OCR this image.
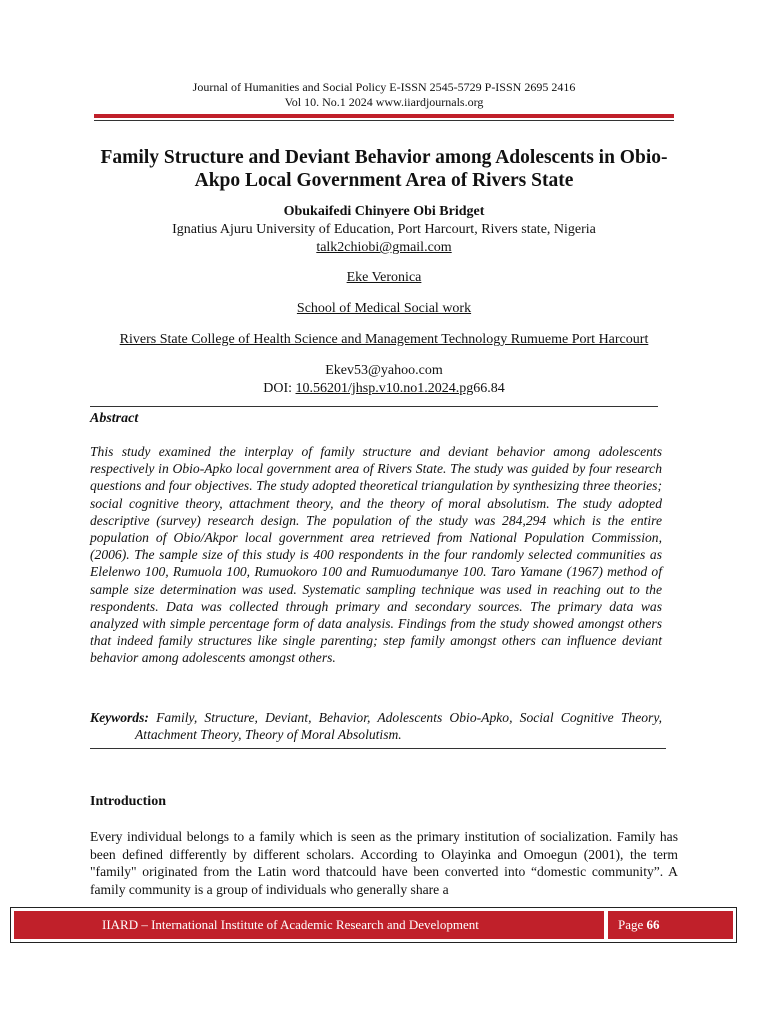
Journal of Humanities and Social Policy E-ISSN 2545-5729 P-ISSN 2695 2416
Vol 10. No.1 2024 www.iiardjournals.org
Family Structure and Deviant Behavior among Adolescents in Obio-Akpo Local Government Area of Rivers State
Obukaifedi Chinyere Obi Bridget
Ignatius Ajuru University of Education, Port Harcourt, Rivers state, Nigeria
talk2chiobi@gmail.com
Eke Veronica
School of Medical Social work
Rivers State College of Health Science and Management Technology Rumueme Port Harcourt
Ekev53@yahoo.com
DOI: 10.56201/jhsp.v10.no1.2024.pg66.84
Abstract
This study examined the interplay of family structure and deviant behavior among adolescents respectively in Obio-Apko local government area of Rivers State. The study was guided by four research questions and four objectives. The study adopted theoretical triangulation by synthesizing three theories; social cognitive theory, attachment theory, and the theory of moral absolutism. The study adopted descriptive (survey) research design. The population of the study was 284,294 which is the entire population of Obio/Akpor local government area retrieved from National Population Commission, (2006). The sample size of this study is 400 respondents in the four randomly selected communities as Elelenwo 100, Rumuola 100, Rumuokoro 100 and Rumuodumanye 100. Taro Yamane (1967) method of sample size determination was used. Systematic sampling technique was used in reaching out to the respondents. Data was collected through primary and secondary sources. The primary data was analyzed with simple percentage form of data analysis. Findings from the study showed amongst others that indeed family structures like single parenting; step family amongst others can influence deviant behavior among adolescents amongst others.
Keywords: Family, Structure, Deviant, Behavior, Adolescents Obio-Apko, Social Cognitive Theory, Attachment Theory, Theory of Moral Absolutism.
Introduction
Every individual belongs to a family which is seen as the primary institution of socialization. Family has been defined differently by different scholars. According to Olayinka and Omoegun (2001), the term "family" originated from the Latin word thatcould have been converted into “domestic community”. A family community is a group of individuals who generally share a
IIARD – International Institute of Academic Research and Development	Page 66
